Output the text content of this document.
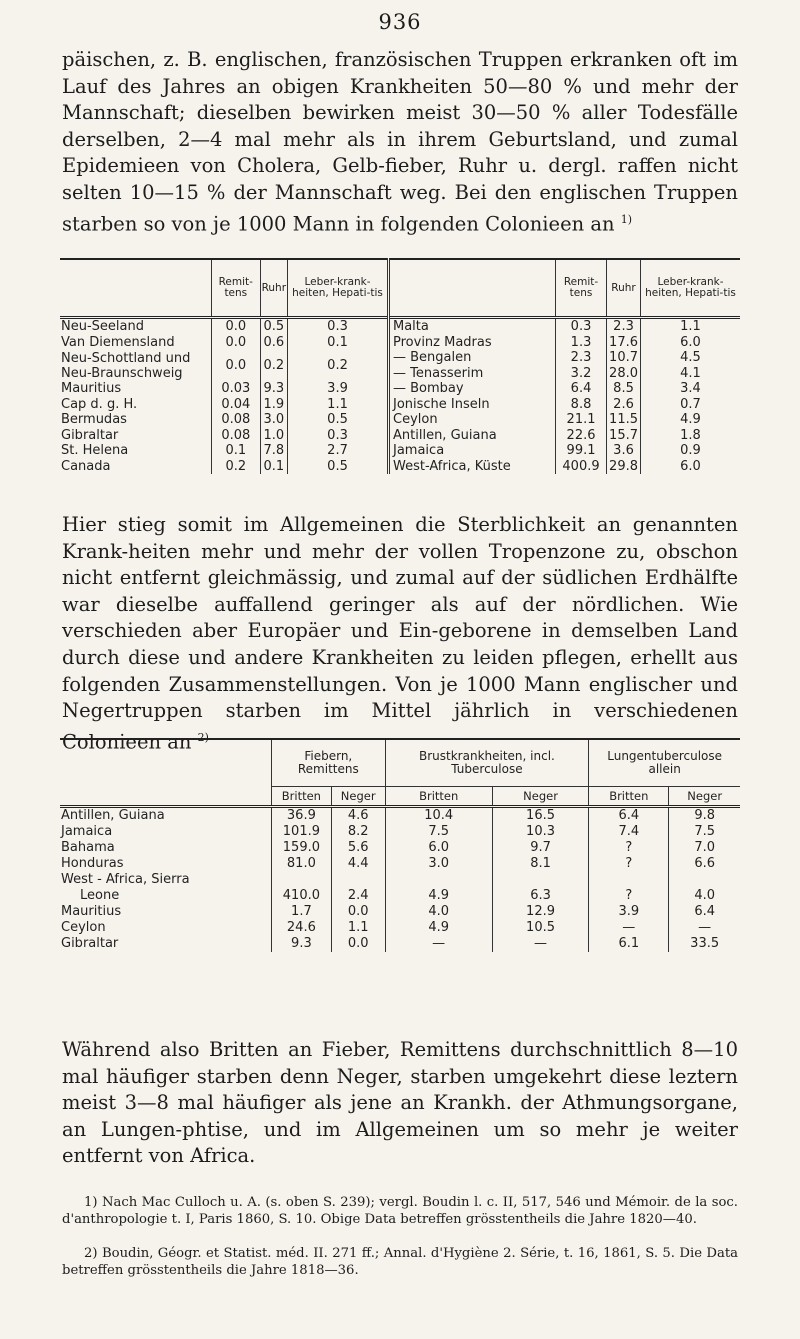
936

päischen, z. B. englischen, französischen Truppen erkranken oft im Lauf des Jahres an obigen Krankheiten 50—80 % und mehr der Mannschaft; dieselben bewirken meist 30—50 % aller Todesfälle derselben, 2—4 mal mehr als in ihrem Geburtsland, und zumal Epidemieen von Cholera, Gelb-fieber, Ruhr u. dergl. raffen nicht selten 10—15 % der Mannschaft weg. Bei den englischen Truppen starben so von je 1000 Mann in folgenden Colonieen an $^{1)}$

	Remit-tens	Ruhr	Leber-krank-heiten, Hepati-tis		Remit-tens	Ruhr	Leber-krank-heiten, Hepati-tis
Neu-Seeland	0.0	0.5	0.3	Malta	0.3	2.3	1.1
Van Diemensland	0.0	0.6	0.1	Provinz Madras	1.3	17.6	6.0

Neu-Schottland und
Neu-Braunschweig	0.0	0.2	0.2	— Bengalen	2.3	10.7	4.5
				— Tenasserim	3.2	28.0	4.1
Mauritius	0.03	9.3	3.9	— Bombay	6.4	8.5	3.4
Cap d. g. H.	0.04	1.9	1.1	Jonische Inseln	8.8	2.6	0.7
Bermudas	0.08	3.0	0.5	Ceylon	21.1	11.5	4.9
Gibraltar	0.08	1.0	0.3	Antillen, Guiana	22.6	15.7	1.8
St. Helena	0.1	7.8	2.7	Jamaica	99.1	3.6	0.9
Canada	0.2	0.1	0.5	West-Africa, Küste	400.9	29.8	6.0

Hier stieg somit im Allgemeinen die Sterblichkeit an genannten Krank-heiten mehr und mehr der vollen Tropenzone zu, obschon nicht entfernt gleichmässig, und zumal auf der südlichen Erdhälfte war dieselbe auffallend geringer als auf der nördlichen. Wie verschieden aber Europäer und Ein-geborene in demselben Land durch diese und andere Krankheiten zu leiden pflegen, erhellt aus folgenden Zusammenstellungen. Von je 1000 Mann englischer und Negertruppen starben im Mittel jährlich in verschiedenen Colonieen an $^{2)}$

	Fiebern, Remittens		Brustkrankheiten, incl. Tuberculose		Lungentuberculose allein	
	Britten	Neger	Britten	Neger	Britten	Neger
Antillen, Guiana	36.9	4.6	10.4	16.5	6.4	9.8
Jamaica	101.9	8.2	7.5	10.3	7.4	7.5
Bahama	159.0	5.6	6.0	9.7	?	7.0
Honduras	81.0	4.4	3.0	8.1	?	6.6
West - Africa, Sierra						
Leone	410.0	2.4	4.9	6.3	?	4.0
Mauritius	1.7	0.0	4.0	12.9	3.9	6.4
Ceylon	24.6	1.1	4.9	10.5	—	—
Gibraltar	9.3	0.0	—	—	6.1	33.5

Während also Britten an Fieber, Remittens durchschnittlich 8—10 mal häufiger starben denn Neger, starben umgekehrt diese leztern meist 3—8 mal häufiger als jene an Krankh. der Athmungsorgane, an Lungen-phtise, und im Allgemeinen um so mehr je weiter entfernt von Africa.

1) Nach Mac Culloch u. A. (s. oben S. 239); vergl. Boudin l. c. II, 517, 546 und Mémoir. de la soc. d'anthropologie t. I, Paris 1860, S. 10. Obige Data betreffen grösstentheils die Jahre 1820—40.

2) Boudin, Géogr. et Statist. méd. II. 271 ff.; Annal. d'Hygiène 2. Série, t. 16, 1861, S. 5. Die Data betreffen grösstentheils die Jahre 1818—36.
